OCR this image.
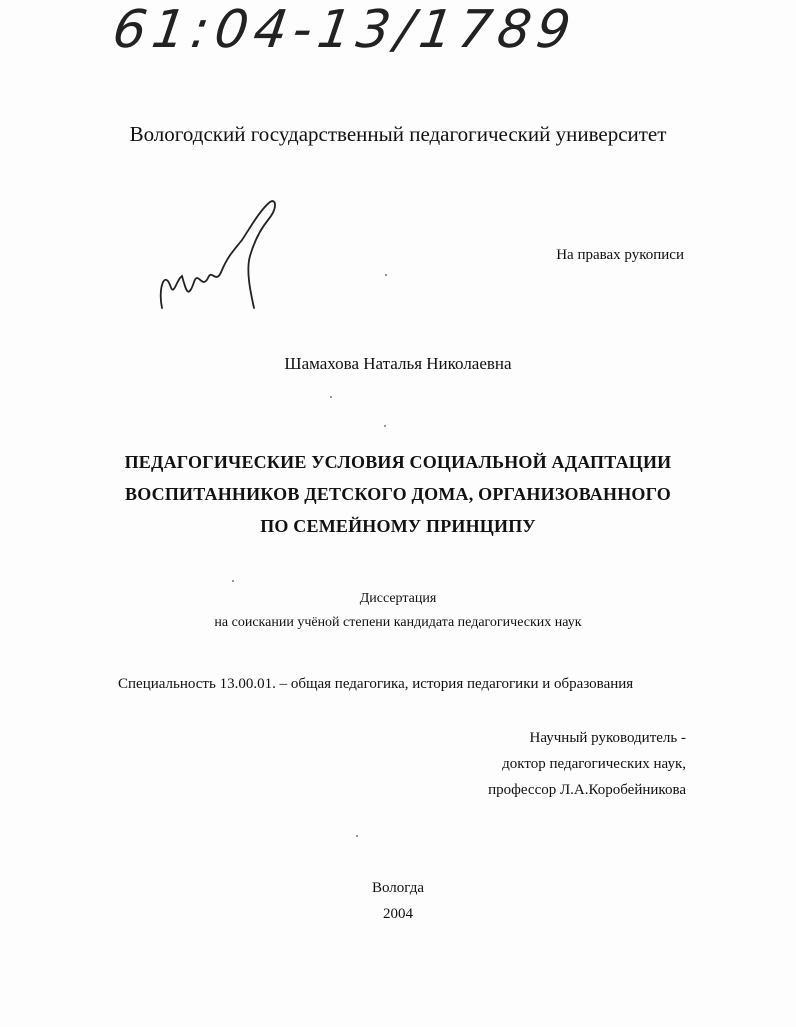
61:04-13/1789
Вологодский государственный педагогический университет
На правах рукописи
Шамахова Наталья Николаевна
ПЕДАГОГИЧЕСКИЕ УСЛОВИЯ СОЦИАЛЬНОЙ АДАПТАЦИИ
ВОСПИТАННИКОВ ДЕТСКОГО ДОМА, ОРГАНИЗОВАННОГО
ПО СЕМЕЙНОМУ ПРИНЦИПУ
Диссертация
на соискании учёной степени кандидата педагогических наук
Специальность 13.00.01. – общая педагогика, история педагогики и образования
Научный руководитель -
доктор педагогических наук,
профессор Л.А.Коробейникова
Вологда
2004
